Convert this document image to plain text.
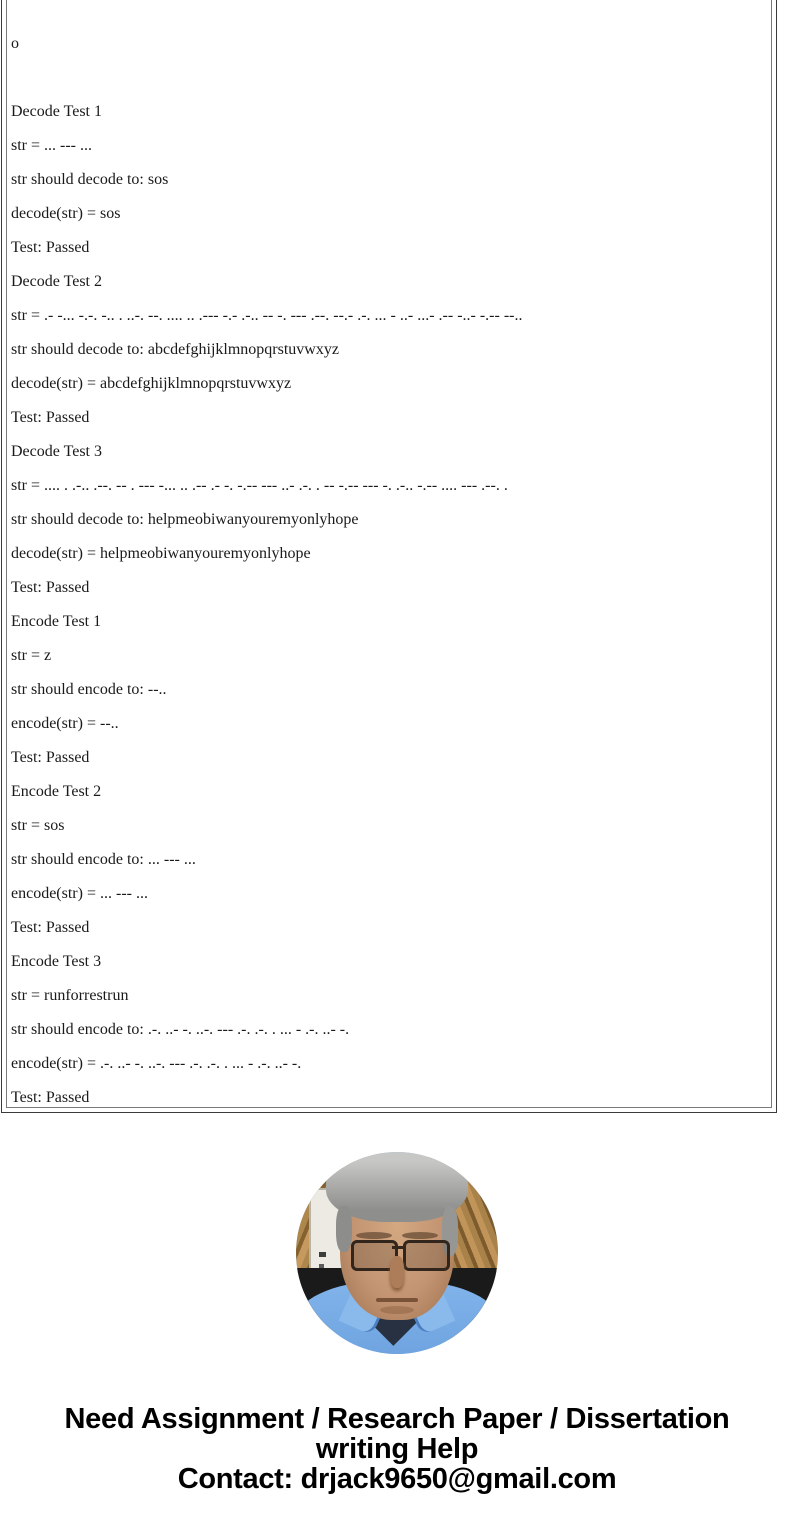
o

Decode Test 1

str = ... --- ...

str should decode to: sos

decode(str) = sos

Test: Passed

Decode Test 2

str = .- -... -.-. -.. . ..-. --. .... .. .--- -.- .-.. -- -. --- .--. --.- .-. ... - ..- ...- .-- -..- -.-- --..

str should decode to: abcdefghijklmnopqrstuvwxyz

decode(str) = abcdefghijklmnopqrstuvwxyz

Test: Passed

Decode Test 3

str = .... . .-.. .--. -- . --- -... .. .-- .- -. -.-- --- ..- .-. . -- -.-- --- -. .-.. -.-- .... --- .--. .

str should decode to: helpmeobiwanyouremyonlyhope

decode(str) = helpmeobiwanyouremyonlyhope

Test: Passed

Encode Test 1

str = z

str should encode to: --..

encode(str) = --..

Test: Passed

Encode Test 2

str = sos

str should encode to: ... --- ...

encode(str) = ... --- ...

Test: Passed

Encode Test 3

str = runforrestrun

str should encode to: .-. ..- -. ..-. --- .-. .-. . ... - .-. ..- -.

encode(str) = .-. ..- -. ..-. --- .-. .-. . ... - .-. ..- -.

Test: Passed

Need Assignment / Research Paper / Dissertation
writing Help
Contact: drjack9650@gmail.com
